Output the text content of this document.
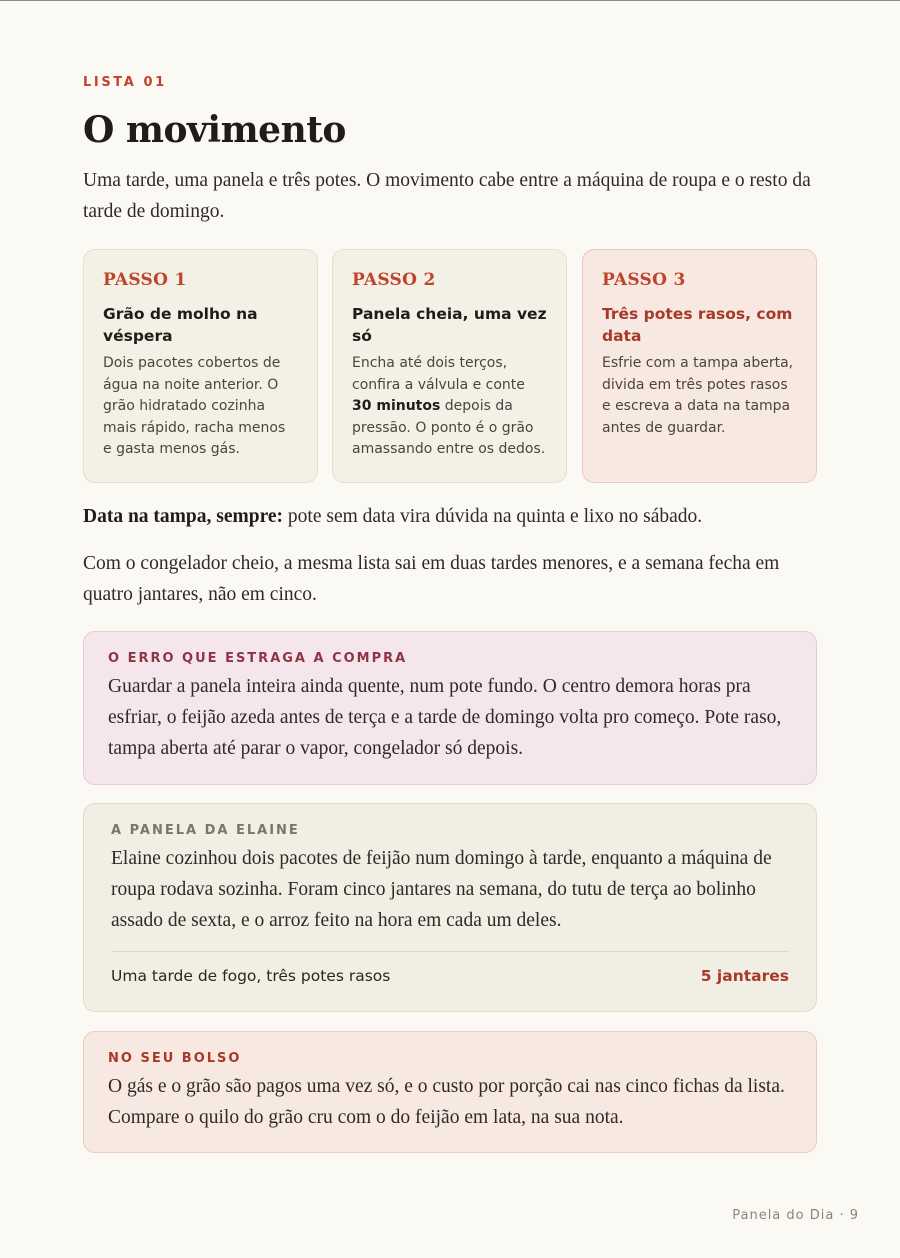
LISTA 01
O movimento

Uma tarde, uma panela e três potes. O movimento cabe entre a máquina de roupa e o resto da tarde de domingo.

PASSO 1
Grão de molho na véspera
Dois pacotes cobertos de água na noite anterior. O grão hidratado cozinha mais rápido, racha menos e gasta menos gás.
PASSO 2
Panela cheia, uma vez só
Encha até dois terços, confira a válvula e conte 30 minutos depois da pressão. O ponto é o grão amassando entre os dedos.
PASSO 3
Três potes rasos, com data
Esfrie com a tampa aberta, divida em três potes rasos e escreva a data na tampa antes de guardar.

Data na tampa, sempre: pote sem data vira dúvida na quinta e lixo no sábado.

Com o congelador cheio, a mesma lista sai em duas tardes menores, e a semana fecha em quatro jantares, não em cinco.

O ERRO QUE ESTRAGA A COMPRA
Guardar a panela inteira ainda quente, num pote fundo. O centro demora horas pra esfriar, o feijão azeda antes de terça e a tarde de domingo volta pro começo. Pote raso, tampa aberta até parar o vapor, congelador só depois.
A PANELA DA ELAINE
Elaine cozinhou dois pacotes de feijão num domingo à tarde, enquanto a máquina de roupa rodava sozinha. Foram cinco jantares na semana, do tutu de terça ao bolinho assado de sexta, e o arroz feito na hora em cada um deles.
Uma tarde de fogo, três potes rasos	5 jantares
NO SEU BOLSO
O gás e o grão são pagos uma vez só, e o custo por porção cai nas cinco fichas da lista. Compare o quilo do grão cru com o do feijão em lata, na sua nota.
Panela do Dia · 9
